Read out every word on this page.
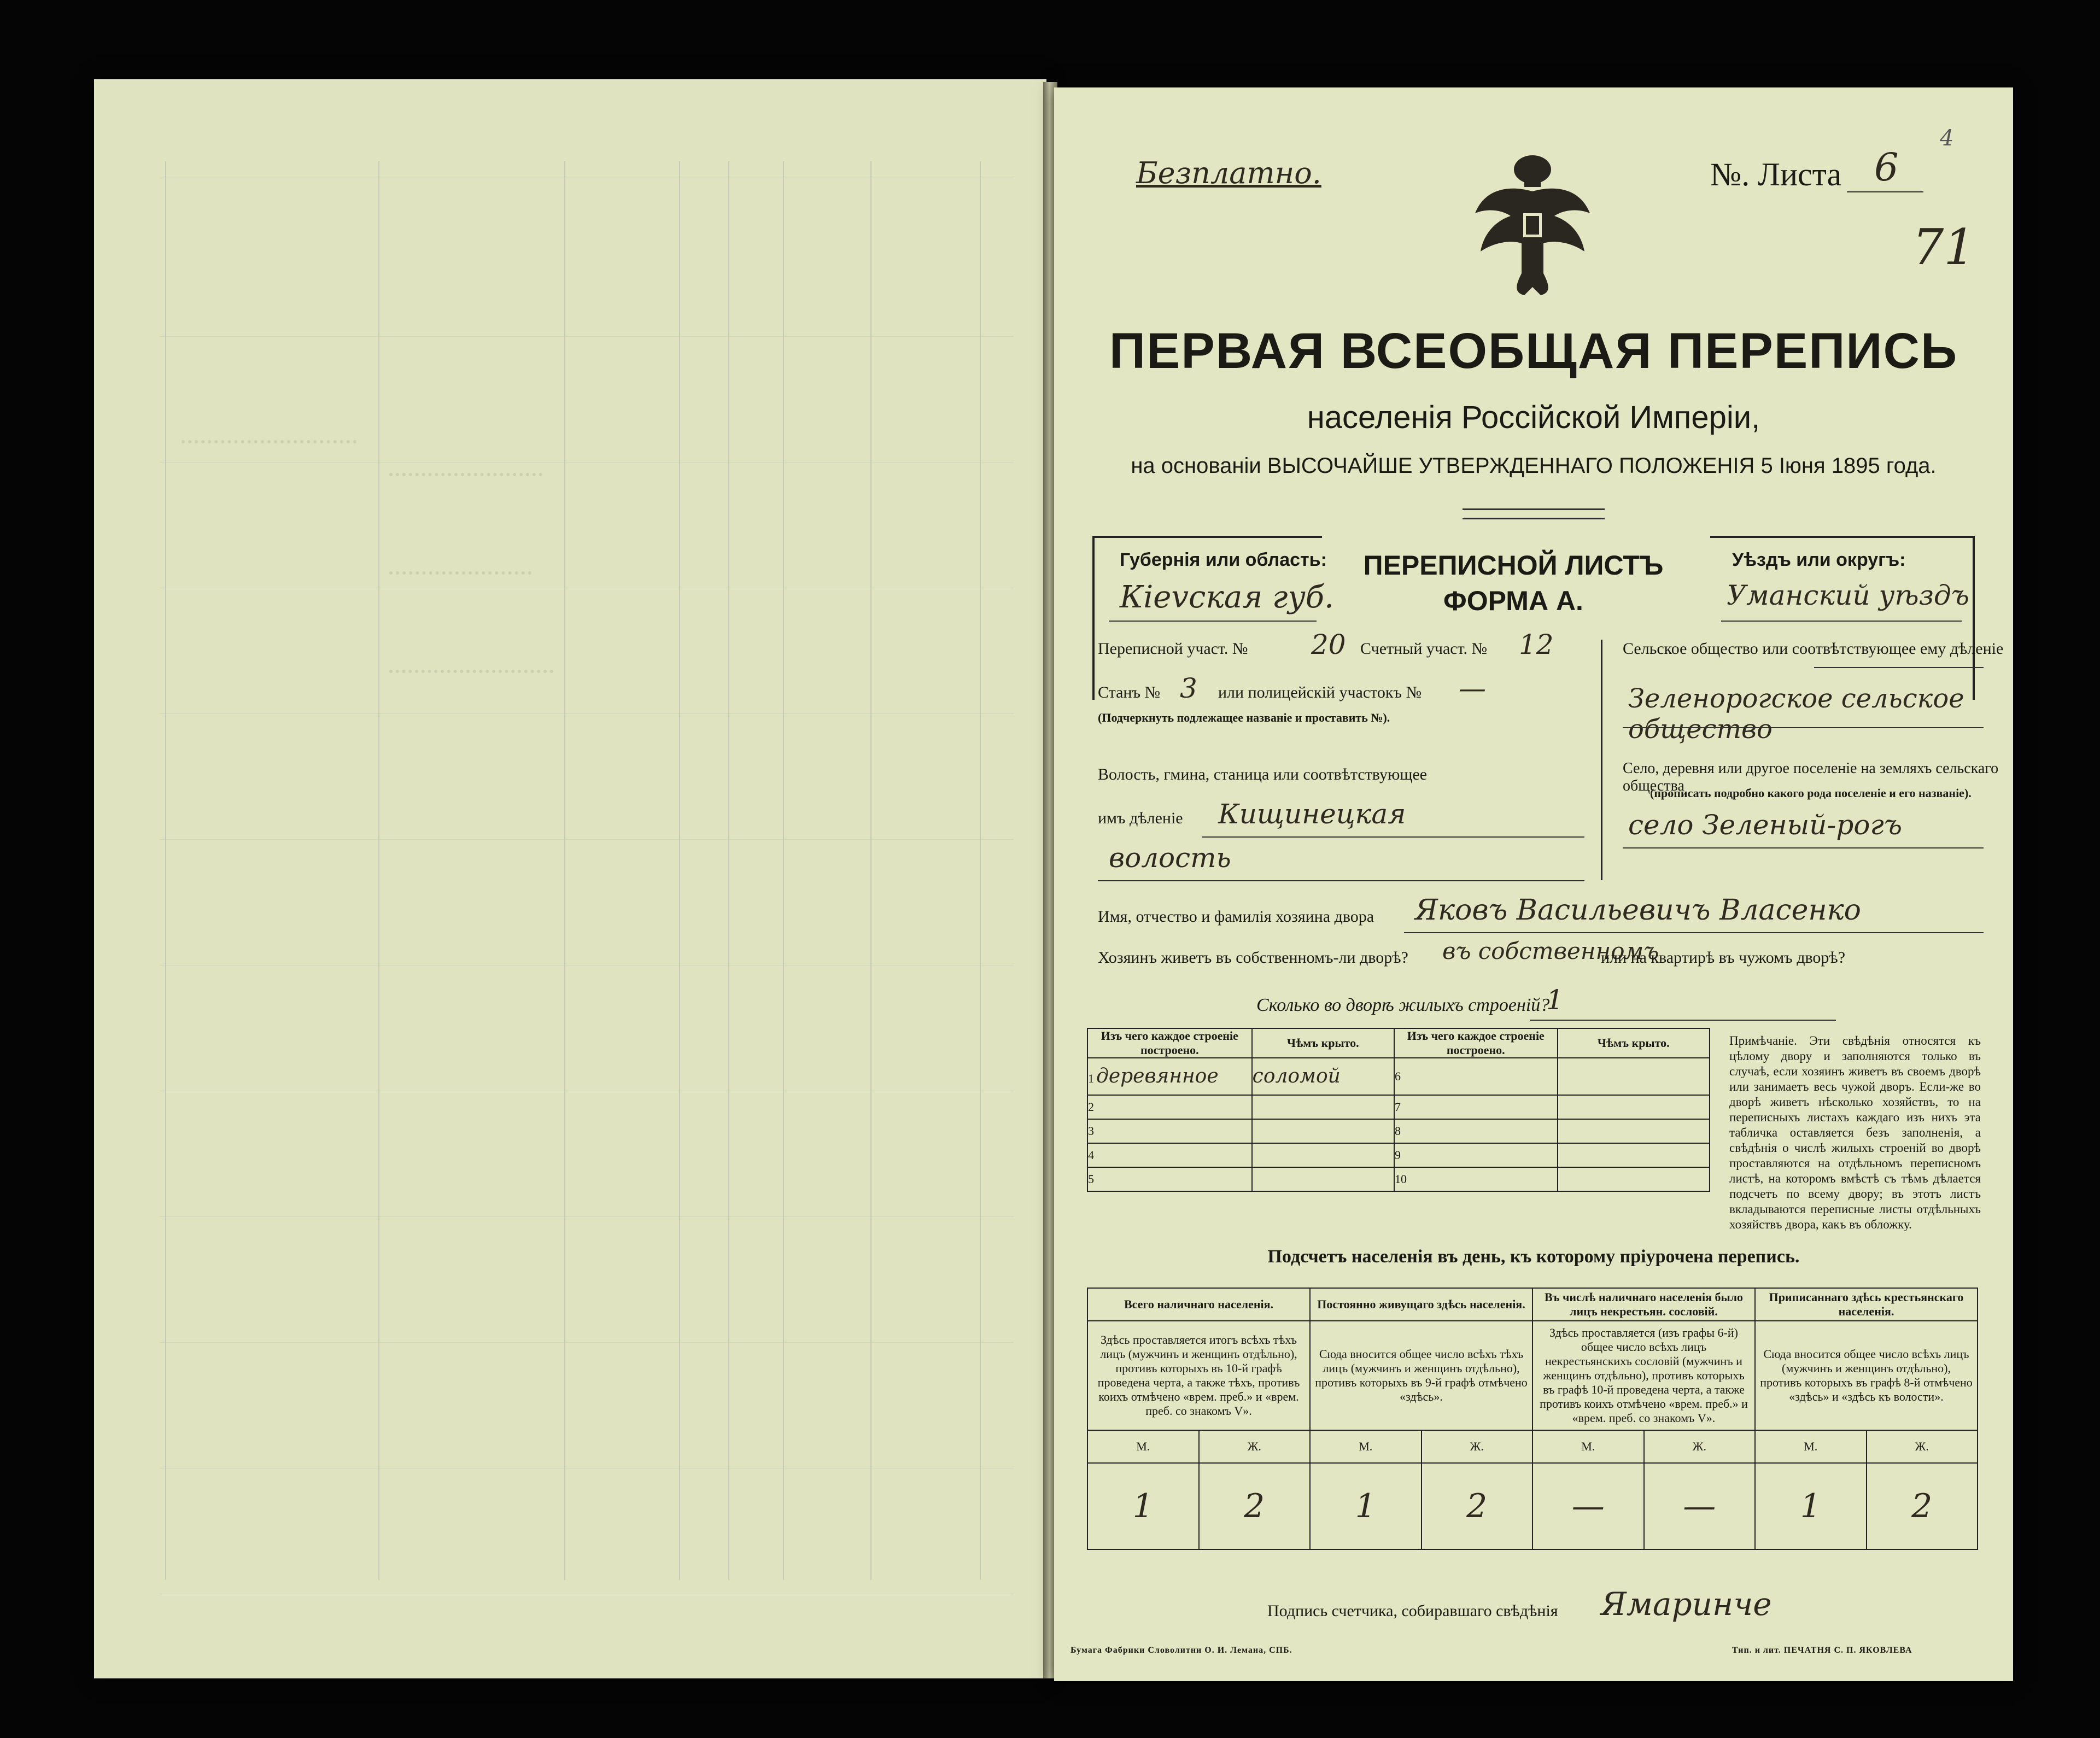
Безплатно.	№. Листа 6
4
71
ПЕРВАЯ ВСЕОБЩАЯ ПЕРЕПИСЬ
населенія Россійской Имперіи,
на основаніи ВЫСОЧАЙШЕ УТВЕРЖДЕННАГО ПОЛОЖЕНІЯ 5 Іюня 1895 года.
Губернія или область:
Кievская губ.
ПЕРЕПИСНОЙ ЛИСТЪ
ФОРМА А.
Уѣздъ или округъ:
Уманский уѣздъ
Переписной участ. № 20 Счетный участ. № 12
Станъ № 3 или полицейскій участокъ № —
(Подчеркнуть подлежащее названіе и проставить №).
Волость, гмина, станица или соотвѣтствующее
имъ дѣленіе Кищинецкая
волость
Сельское общество или соотвѣтствующее ему дѣленіе
Зеленорогское сельское общество
Село, деревня или другое поселеніе на земляхъ сельскаго общества
(прописать подробно какого рода поселеніе и его названіе).
село Зеленый-рогъ
Имя, отчество и фамилія хозяина двора Яковъ Васильевичъ Власенко
Хозяинъ живетъ въ собственномъ-ли дворѣ? въ собственномъ
или на квартирѣ въ чужомъ дворѣ?
Сколько во дворѣ жилыхъ строеній?
1
Изъ чего каждое строеніе построено.	Чѣмъ крыто.	Изъ чего каждое строеніе построено.	Чѣмъ крыто.
1 деревянное	соломой	6	
2		7	
3		8	
4		9	
5		10	
Примѣчаніе. Эти свѣдѣнія относятся къ цѣлому двору и заполняются только въ случаѣ, если хозяинъ живетъ въ своемъ дворѣ или занимаетъ весь чужой дворъ. Если-же во дворѣ живетъ нѣсколько хозяйствъ, то на переписныхъ листахъ каждаго изъ нихъ эта табличка оставляется безъ заполненія, а свѣдѣнія о числѣ жилыхъ строеній во дворѣ проставляются на отдѣльномъ переписномъ листѣ, на которомъ вмѣстѣ съ тѣмъ дѣлается подсчетъ по всему двору; въ этотъ листъ вкладываются переписные листы отдѣльныхъ хозяйствъ двора, какъ въ обложку.
Подсчетъ населенія въ день, къ которому пріурочена перепись.
Всего наличнаго населенія.		Постоянно живущаго здѣсь населенія.		Въ числѣ наличнаго населенія было лицъ некрестьян. сословій.		Приписаннаго здѣсь крестьянскаго населенія.	
Здѣсь проставляется итогъ всѣхъ тѣхъ лицъ (мужчинъ и женщинъ отдѣльно), противъ которыхъ въ 10-й графѣ проведена черта, а также тѣхъ, противъ коихъ отмѣчено «врем. преб.» и «врем. преб. со знакомъ V».		Сюда вносится общее число всѣхъ тѣхъ лицъ (мужчинъ и женщинъ отдѣльно), противъ которыхъ въ 9-й графѣ отмѣчено «здѣсь».		Здѣсь проставляется (изъ графы 6-й) общее число всѣхъ лицъ некрестьянскихъ сословій (мужчинъ и женщинъ отдѣльно), противъ которыхъ въ графѣ 10-й проведена черта, а также противъ коихъ отмѣчено «врем. преб.» и «врем. преб. со знакомъ V».		Сюда вносится общее число всѣхъ лицъ (мужчинъ и женщинъ отдѣльно), противъ которыхъ въ графѣ 8-й отмѣчено «здѣсь» и «здѣсь къ волости».	
М.	Ж.	М.	Ж.	М.	Ж.	М.	Ж.
1	2	1	2	—	—	1	2
Подпись счетчика, собиравшаго свѣдѣнія Ямаринче
Бумага Фабрики Словолитни О. И. Лемана, СПБ.	Тип. и лит. ПЕЧАТНЯ С. П. ЯКОВЛЕВА
